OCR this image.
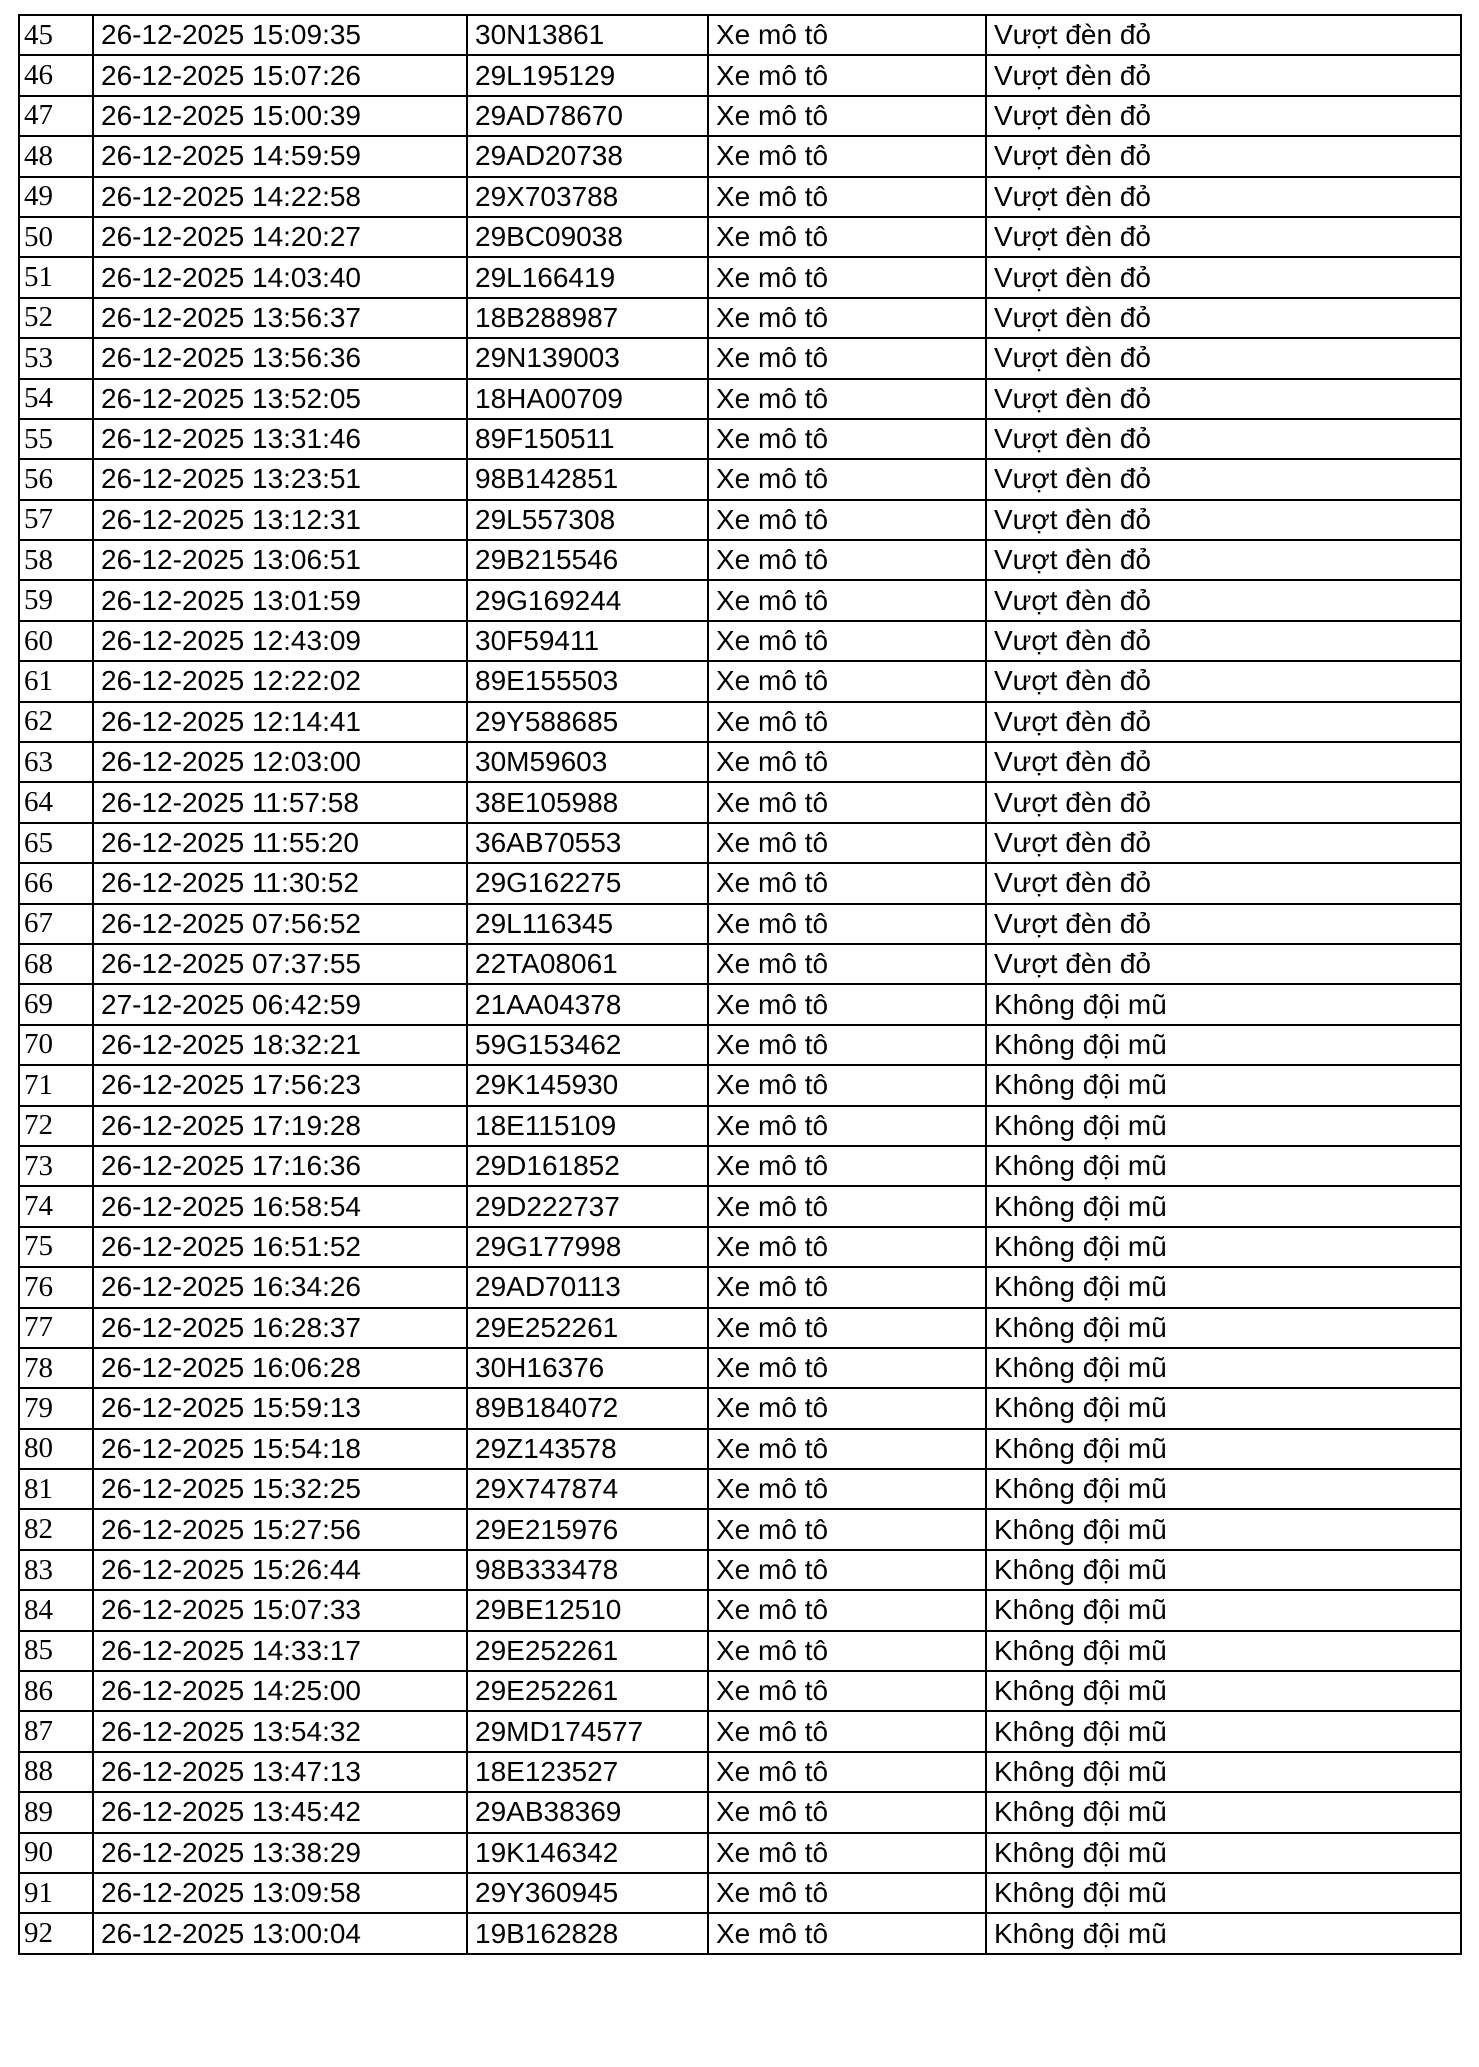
45	26-12-2025 15:09:35	30N13861	Xe mô tô	Vượt đèn đỏ
46	26-12-2025 15:07:26	29L195129	Xe mô tô	Vượt đèn đỏ
47	26-12-2025 15:00:39	29AD78670	Xe mô tô	Vượt đèn đỏ
48	26-12-2025 14:59:59	29AD20738	Xe mô tô	Vượt đèn đỏ
49	26-12-2025 14:22:58	29X703788	Xe mô tô	Vượt đèn đỏ
50	26-12-2025 14:20:27	29BC09038	Xe mô tô	Vượt đèn đỏ
51	26-12-2025 14:03:40	29L166419	Xe mô tô	Vượt đèn đỏ
52	26-12-2025 13:56:37	18B288987	Xe mô tô	Vượt đèn đỏ
53	26-12-2025 13:56:36	29N139003	Xe mô tô	Vượt đèn đỏ
54	26-12-2025 13:52:05	18HA00709	Xe mô tô	Vượt đèn đỏ
55	26-12-2025 13:31:46	89F150511	Xe mô tô	Vượt đèn đỏ
56	26-12-2025 13:23:51	98B142851	Xe mô tô	Vượt đèn đỏ
57	26-12-2025 13:12:31	29L557308	Xe mô tô	Vượt đèn đỏ
58	26-12-2025 13:06:51	29B215546	Xe mô tô	Vượt đèn đỏ
59	26-12-2025 13:01:59	29G169244	Xe mô tô	Vượt đèn đỏ
60	26-12-2025 12:43:09	30F59411	Xe mô tô	Vượt đèn đỏ
61	26-12-2025 12:22:02	89E155503	Xe mô tô	Vượt đèn đỏ
62	26-12-2025 12:14:41	29Y588685	Xe mô tô	Vượt đèn đỏ
63	26-12-2025 12:03:00	30M59603	Xe mô tô	Vượt đèn đỏ
64	26-12-2025 11:57:58	38E105988	Xe mô tô	Vượt đèn đỏ
65	26-12-2025 11:55:20	36AB70553	Xe mô tô	Vượt đèn đỏ
66	26-12-2025 11:30:52	29G162275	Xe mô tô	Vượt đèn đỏ
67	26-12-2025 07:56:52	29L116345	Xe mô tô	Vượt đèn đỏ
68	26-12-2025 07:37:55	22TA08061	Xe mô tô	Vượt đèn đỏ
69	27-12-2025 06:42:59	21AA04378	Xe mô tô	Không đội mũ
70	26-12-2025 18:32:21	59G153462	Xe mô tô	Không đội mũ
71	26-12-2025 17:56:23	29K145930	Xe mô tô	Không đội mũ
72	26-12-2025 17:19:28	18E115109	Xe mô tô	Không đội mũ
73	26-12-2025 17:16:36	29D161852	Xe mô tô	Không đội mũ
74	26-12-2025 16:58:54	29D222737	Xe mô tô	Không đội mũ
75	26-12-2025 16:51:52	29G177998	Xe mô tô	Không đội mũ
76	26-12-2025 16:34:26	29AD70113	Xe mô tô	Không đội mũ
77	26-12-2025 16:28:37	29E252261	Xe mô tô	Không đội mũ
78	26-12-2025 16:06:28	30H16376	Xe mô tô	Không đội mũ
79	26-12-2025 15:59:13	89B184072	Xe mô tô	Không đội mũ
80	26-12-2025 15:54:18	29Z143578	Xe mô tô	Không đội mũ
81	26-12-2025 15:32:25	29X747874	Xe mô tô	Không đội mũ
82	26-12-2025 15:27:56	29E215976	Xe mô tô	Không đội mũ
83	26-12-2025 15:26:44	98B333478	Xe mô tô	Không đội mũ
84	26-12-2025 15:07:33	29BE12510	Xe mô tô	Không đội mũ
85	26-12-2025 14:33:17	29E252261	Xe mô tô	Không đội mũ
86	26-12-2025 14:25:00	29E252261	Xe mô tô	Không đội mũ
87	26-12-2025 13:54:32	29MD174577	Xe mô tô	Không đội mũ
88	26-12-2025 13:47:13	18E123527	Xe mô tô	Không đội mũ
89	26-12-2025 13:45:42	29AB38369	Xe mô tô	Không đội mũ
90	26-12-2025 13:38:29	19K146342	Xe mô tô	Không đội mũ
91	26-12-2025 13:09:58	29Y360945	Xe mô tô	Không đội mũ
92	26-12-2025 13:00:04	19B162828	Xe mô tô	Không đội mũ
